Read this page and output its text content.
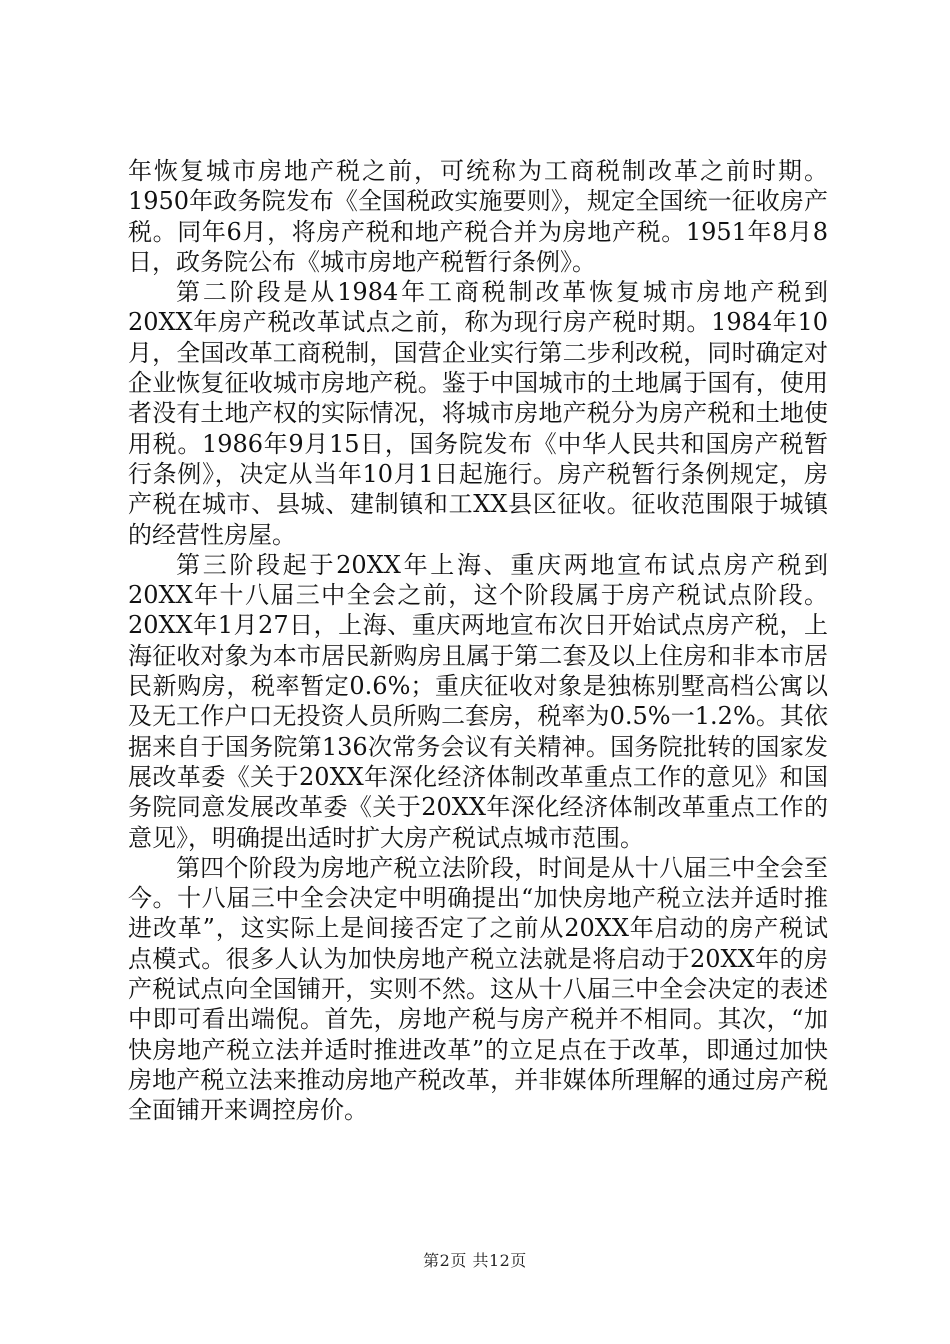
年恢复城市房地产税之前，可统称为工商税制改革之前时期。1950年政务院发布《全国税政实施要则》，规定全国统一征收房产税。同年6月，将房产税和地产税合并为房地产税。1951年8月8日，政务院公布《城市房地产税暂行条例》。

第二阶段是从1984年工商税制改革恢复城市房地产税到20XX年房产税改革试点之前，称为现行房产税时期。1984年10月，全国改革工商税制，国营企业实行第二步利改税，同时确定对企业恢复征收城市房地产税。鉴于中国城市的土地属于国有，使用者没有土地产权的实际情况，将城市房地产税分为房产税和土地使用税。1986年9月15日，国务院发布《中华人民共和国房产税暂行条例》，决定从当年10月1日起施行。房产税暂行条例规定，房产税在城市、县城、建制镇和工XX县区征收。征收范围限于城镇的经营性房屋。

第三阶段起于20XX年上海、重庆两地宣布试点房产税到20XX年十八届三中全会之前，这个阶段属于房产税试点阶段。20XX年1月27日，上海、重庆两地宣布次日开始试点房产税，上海征收对象为本市居民新购房且属于第二套及以上住房和非本市居民新购房，税率暂定0.6%；重庆征收对象是独栋别墅高档公寓以及无工作户口无投资人员所购二套房，税率为0.5%一1.2%。其依据来自于国务院第136次常务会议有关精神。国务院批转的国家发展改革委《关于20XX年深化经济体制改革重点工作的意见》和国务院同意发展改革委《关于20XX年深化经济体制改革重点工作的意见》，明确提出适时扩大房产税试点城市范围。

第四个阶段为房地产税立法阶段，时间是从十八届三中全会至今。十八届三中全会决定中明确提出“加快房地产税立法并适时推进改革”，这实际上是间接否定了之前从20XX年启动的房产税试点模式。很多人认为加快房地产税立法就是将启动于20XX年的房产税试点向全国铺开，实则不然。这从十八届三中全会决定的表述中即可看出端倪。首先，房地产税与房产税并不相同。其次，“加快房地产税立法并适时推进改革”的立足点在于改革，即通过加快房地产税立法来推动房地产税改革，并非媒体所理解的通过房产税全面铺开来调控房价。

第2页 共12页
